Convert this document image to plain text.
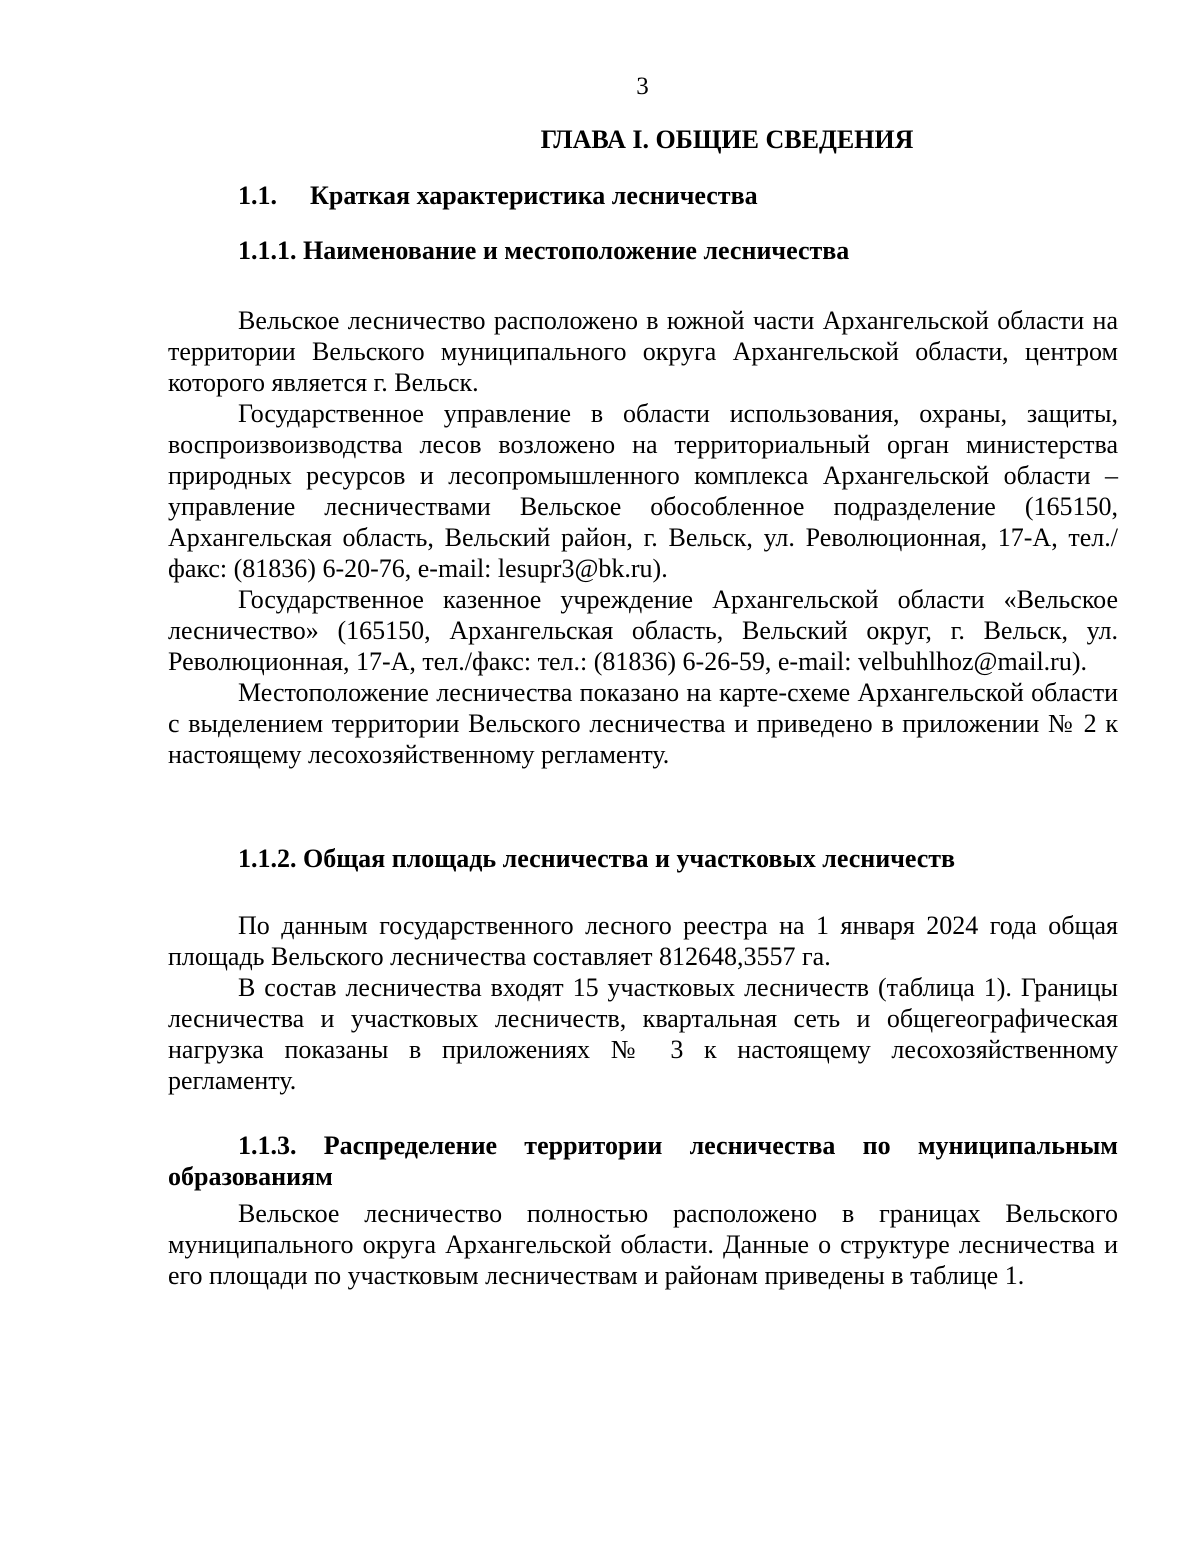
3
ГЛАВА I. ОБЩИЕ СВЕДЕНИЯ
1.1. Краткая характеристика лесничества
1.1.1. Наименование и местоположение лесничества

Вельское лесничество расположено в южной части Архангельской области на территории Вельского муниципального округа Архангельской области, центром которого является г. Вельск.

Государственное управление в области использования, охраны, защиты, воспроизвоизводства лесов возложено на территориальный орган министерства природных ресурсов и лесопромышленного комплекса Архангельской области – управление лесничествами Вельское обособленное подразделение (165150, Архангельская область, Вельский район, г. Вельск, ул. Революционная, 17-А, тел./факс: (81836) 6-20-76, e-mail: lesupr3@bk.ru).

Государственное казенное учреждение Архангельской области «Вельское лесничество» (165150, Архангельская область, Вельский округ, г. Вельск, ул. Революционная, 17-А, тел./факс: тел.: (81836) 6-26-59, e-mail: velbuhlhoz@mail.ru).

Местоположение лесничества показано на карте-схеме Архангельской области с выделением территории Вельского лесничества и приведено в приложении № 2 к настоящему лесохозяйственному регламенту.

1.1.2. Общая площадь лесничества и участковых лесничеств

По данным государственного лесного реестра на 1 января 2024 года общая площадь Вельского лесничества составляет 812648,3557 га.

В состав лесничества входят 15 участковых лесничеств (таблица 1). Границы лесничества и участковых лесничеств, квартальная сеть и общегеографическая нагрузка показаны в приложениях № 3 к настоящему лесохозяйственному регламенту.

1.1.3. Распределение территории лесничества по муниципальным образованиям

Вельское лесничество полностью расположено в границах Вельского муниципального округа Архангельской области. Данные о структуре лесничества и его площади по участковым лесничествам и районам приведены в таблице 1.
